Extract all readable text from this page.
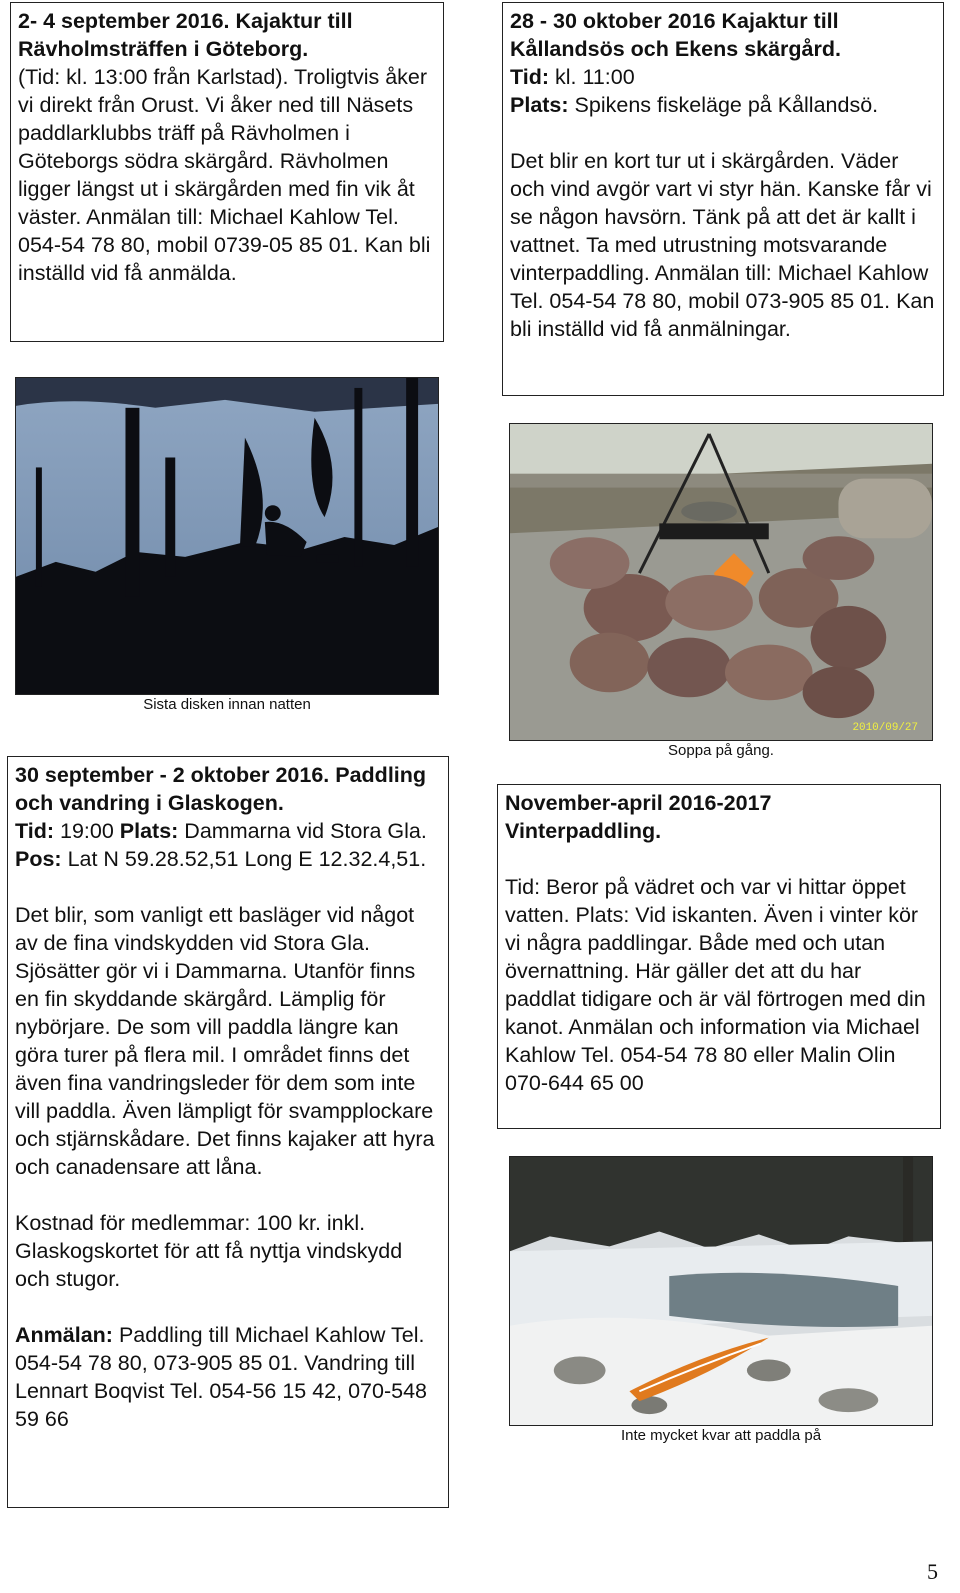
2- 4 september 2016. Kajaktur till Rävholmsträffen i Göteborg.

(Tid: kl. 13:00 från Karlstad). Troligtvis åker vi direkt från Orust. Vi åker ned till Näsets paddlarklubbs träff på Rävholmen i Göteborgs södra skärgård. Rävholmen ligger längst ut i skärgården med fin vik åt väster. Anmälan till: Michael Kahlow Tel. 054-54 78 80, mobil 0739-05 85 01. Kan bli inställd vid få anmälda.

28 - 30 oktober 2016 Kajaktur till Kållandsös och Ekens skärgård.

Tid: kl. 11:00

Plats: Spikens fiskeläge på Kållandsö.

Det blir en kort tur ut i skärgården. Väder och vind avgör vart vi styr hän. Kanske får vi se någon havsörn. Tänk på att det är kallt i vattnet. Ta med utrustning motsvarande vinterpaddling. Anmälan till: Michael Kahlow Tel. 054-54 78 80, mobil 073-905 85 01. Kan bli inställd vid få anmälningar.

Sista disken innan natten
2010/09/27
Soppa på gång.

30 september - 2 oktober 2016. Paddling och vandring i Glaskogen.

Tid: 19:00 Plats: Dammarna vid Stora Gla. Pos: Lat N 59.28.52,51 Long E 12.32.4,51.

Det blir, som vanligt ett basläger vid något av de fina vindskydden vid Stora Gla. Sjösätter gör vi i Dammarna. Utanför finns en fin skyddande skärgård. Lämplig för nybörjare. De som vill paddla längre kan göra turer på flera mil. I området finns det även fina vandringsleder för dem som inte vill paddla. Även lämpligt för svampplockare och stjärnskådare. Det finns kajaker att hyra och canadensare att låna.

Kostnad för medlemmar: 100 kr. inkl. Glaskogskortet för att få nyttja vindskydd och stugor.

Anmälan: Paddling till Michael Kahlow Tel. 054-54 78 80, 073-905 85 01. Vandring till Lennart Boqvist Tel. 054-56 15 42, 070-548 59 66

November-april 2016-2017 Vinterpaddling.

Tid: Beror på vädret och var vi hittar öppet vatten. Plats: Vid iskanten. Även i vinter kör vi några paddlingar. Både med och utan övernattning. Här gäller det att du har paddlat tidigare och är väl förtrogen med din kanot. Anmälan och information via Michael Kahlow Tel. 054-54 78 80 eller Malin Olin 070-644 65 00

Inte mycket kvar att paddla på
5
